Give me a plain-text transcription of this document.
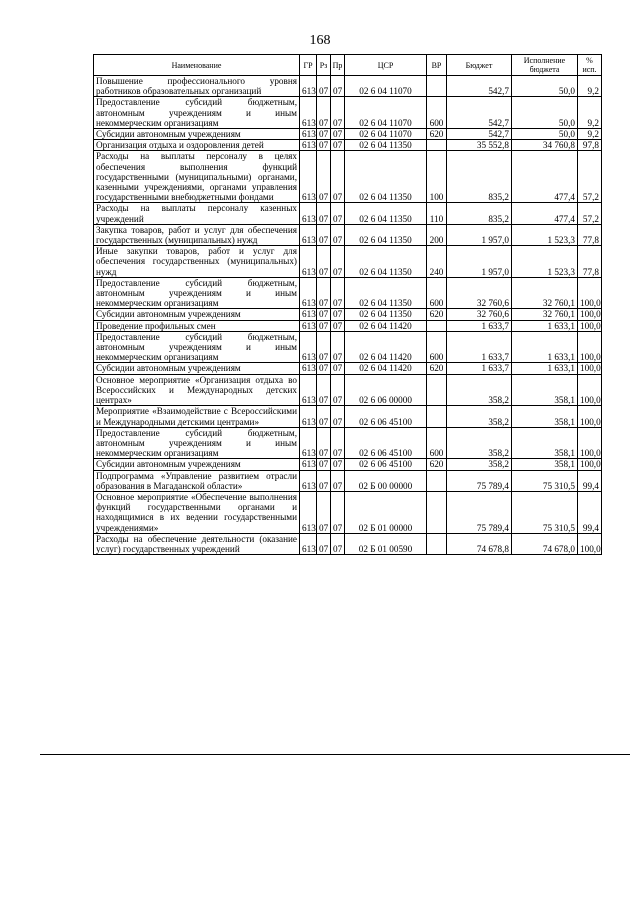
168
Наименование	ГР	Рз	Пр	ЦСР	ВР	Бюджет	Исполнение бюджета	% исп.
Повышение профессионального уровня работников образовательных организаций	613	07	07	02 6 04 11070		542,7	50,0	9,2
Предоставление субсидий бюджетным, автономным учреждениям и иным некоммерческим организациям	613	07	07	02 6 04 11070	600	542,7	50,0	9,2
Субсидии автономным учреждениям	613	07	07	02 6 04 11070	620	542,7	50,0	9,2
Организация отдыха и оздоровления детей	613	07	07	02 6 04 11350		35 552,8	34 760,8	97,8
Расходы на выплаты персоналу в целях обеспечения выполнения функций государственными (муниципальными) органами, казенными учреждениями, органами управления государственными внебюджетными фондами	613	07	07	02 6 04 11350	100	835,2	477,4	57,2
Расходы на выплаты персоналу казенных учреждений	613	07	07	02 6 04 11350	110	835,2	477,4	57,2
Закупка товаров, работ и услуг для обеспечения государственных (муниципальных) нужд	613	07	07	02 6 04 11350	200	1 957,0	1 523,3	77,8
Иные закупки товаров, работ и услуг для обеспечения государственных (муниципальных) нужд	613	07	07	02 6 04 11350	240	1 957,0	1 523,3	77,8
Предоставление субсидий бюджетным, автономным учреждениям и иным некоммерческим организациям	613	07	07	02 6 04 11350	600	32 760,6	32 760,1	100,0
Субсидии автономным учреждениям	613	07	07	02 6 04 11350	620	32 760,6	32 760,1	100,0
Проведение профильных смен	613	07	07	02 6 04 11420		1 633,7	1 633,1	100,0
Предоставление субсидий бюджетным, автономным учреждениям и иным некоммерческим организациям	613	07	07	02 6 04 11420	600	1 633,7	1 633,1	100,0
Субсидии автономным учреждениям	613	07	07	02 6 04 11420	620	1 633,7	1 633,1	100,0
Основное мероприятие «Организация отдыха во Всероссийских и Международных детских центрах»	613	07	07	02 6 06 00000		358,2	358,1	100,0
Мероприятие «Взаимодействие с Всероссийскими и Международными детскими центрами»	613	07	07	02 6 06 45100		358,2	358,1	100,0
Предоставление субсидий бюджетным, автономным учреждениям и иным некоммерческим организациям	613	07	07	02 6 06 45100	600	358,2	358,1	100,0
Субсидии автономным учреждениям	613	07	07	02 6 06 45100	620	358,2	358,1	100,0
Подпрограмма «Управление развитием отрасли образования в Магаданской области»	613	07	07	02 Б 00 00000		75 789,4	75 310,5	99,4
Основное мероприятие «Обеспечение выполнения функций государственными органами и находящимися в их ведении государственными учреждениями»	613	07	07	02 Б 01 00000		75 789,4	75 310,5	99,4
Расходы на обеспечение деятельности (оказание услуг) государственных учреждений	613	07	07	02 Б 01 00590		74 678,8	74 678,0	100,0
